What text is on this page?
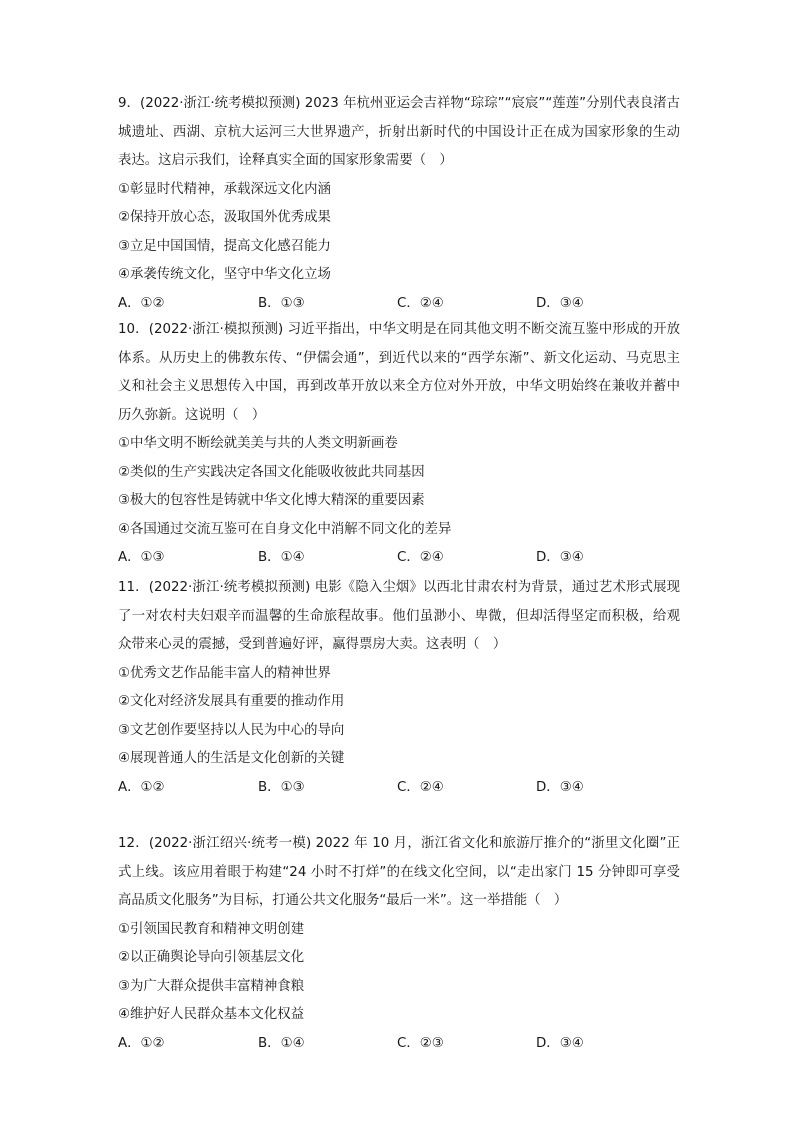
9．(2022·浙江·统考模拟预测) 2023 年杭州亚运会吉祥物“琮琮”“宸宸”“莲莲”分别代表良渚古城遗址、西湖、京杭大运河三大世界遗产，折射出新时代的中国设计正在成为国家形象的生动表达。这启示我们，诠释真实全面的国家形象需要（　）

①彰显时代精神，承载深远文化内涵

②保持开放心态，汲取国外优秀成果

③立足中国国情，提高文化感召能力

④承袭传统文化，坚守中华文化立场

A．①②	B．①③	C．②④	D．③④

10．(2022·浙江·模拟预测) 习近平指出，中华文明是在同其他文明不断交流互鉴中形成的开放体系。从历史上的佛教东传、“伊儒会通”，到近代以来的“西学东渐”、新文化运动、马克思主义和社会主义思想传入中国，再到改革开放以来全方位对外开放，中华文明始终在兼收并蓄中历久弥新。这说明（　）

①中华文明不断绘就美美与共的人类文明新画卷

②类似的生产实践决定各国文化能吸收彼此共同基因

③极大的包容性是铸就中华文化博大精深的重要因素

④各国通过交流互鉴可在自身文化中消解不同文化的差异

A．①③	B．①④	C．②④	D．③④

11．(2022·浙江·统考模拟预测) 电影《隐入尘烟》以西北甘肃农村为背景，通过艺术形式展现了一对农村夫妇艰辛而温馨的生命旅程故事。他们虽渺小、卑微，但却活得坚定而积极，给观众带来心灵的震撼，受到普遍好评，赢得票房大卖。这表明（　）

①优秀文艺作品能丰富人的精神世界

②文化对经济发展具有重要的推动作用

③文艺创作要坚持以人民为中心的导向

④展现普通人的生活是文化创新的关键

A．①②	B．①③	C．②④	D．③④

12．(2022·浙江绍兴·统考一模) 2022 年 10 月，浙江省文化和旅游厅推介的“浙里文化圈”正式上线。该应用着眼于构建“24 小时不打烊”的在线文化空间，以“走出家门 15 分钟即可享受高品质文化服务”为目标，打通公共文化服务“最后一米”。这一举措能（　）

①引领国民教育和精神文明创建

②以正确舆论导向引领基层文化

③为广大群众提供丰富精神食粮

④维护好人民群众基本文化权益

A．①②	B．①④	C．②③	D．③④
